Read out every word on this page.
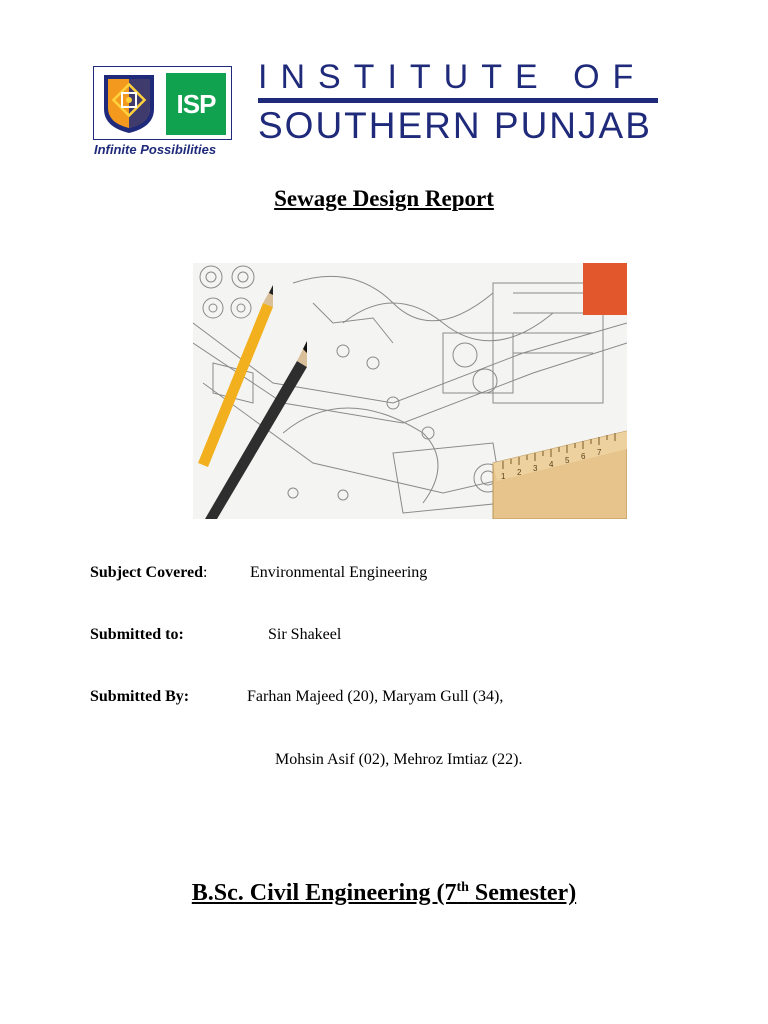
ISP
Infinite Possibilities
INSTITUTE OF
SOUTHERN PUNJAB
Sewage Design Report
1 2 3 4 5 6 7
Subject Covered:	Environmental Engineering
Submitted to:	Sir Shakeel
Submitted By:	Farhan Majeed (20), Maryam Gull (34),
Mohsin Asif (02), Mehroz Imtiaz (22).
B.Sc. Civil Engineering (7th Semester)
